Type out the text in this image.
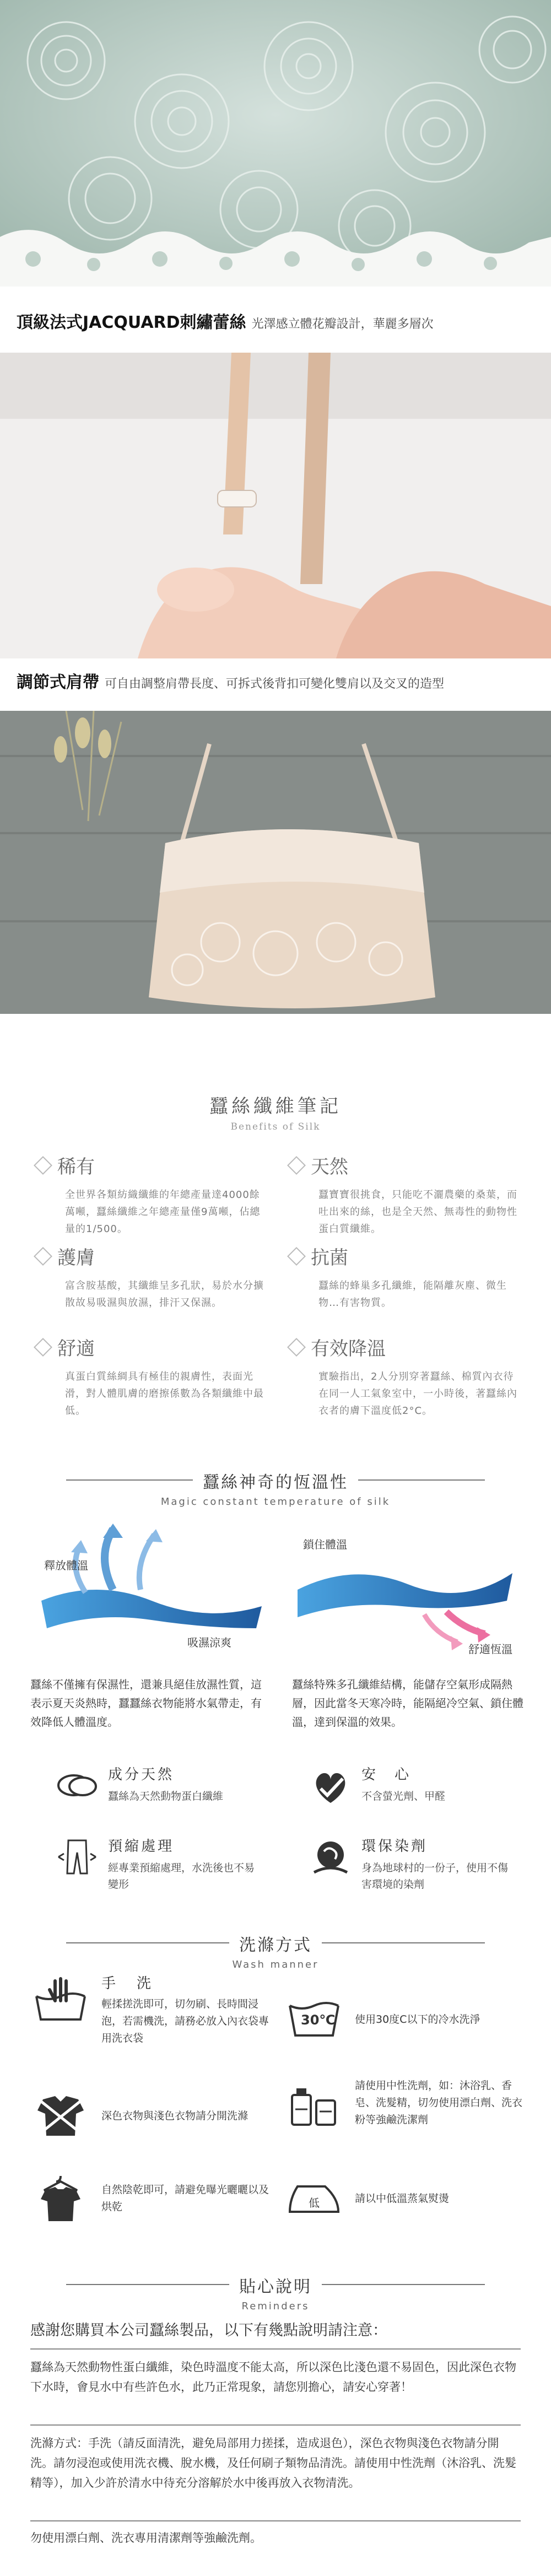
頂級法式JACQUARD刺繡蕾絲 光澤感立體花瓣設計，華麗多層次
調節式肩帶 可自由調整肩帶長度、可拆式後背扣可變化雙肩以及交叉的造型
蠶絲纖維筆記
Benefits of Silk
稀有
全世界各類紡織纖維的年總產量達4000餘萬噸，蠶絲纖維之年總產量僅9萬噸，佔總量的1/500。
天然
蠶寶寶很挑食，只能吃不灑農藥的桑葉，而吐出來的絲，也是全天然、無毒性的動物性蛋白質纖維。
護膚
富含胺基酸，其纖維呈多孔狀，易於水分擴散故易吸濕與放濕，排汗又保濕。
抗菌
蠶絲的蜂巢多孔纖維，能隔離灰塵、微生物…有害物質。
舒適
真蛋白質絲綢具有極佳的親膚性，表面光滑，對人體肌膚的磨擦係數為各類纖維中最低。
有效降溫
實驗指出，2人分別穿著蠶絲、棉質內衣待在同一人工氣象室中，一小時後，著蠶絲內衣者的膚下溫度低2°C。
蠶絲神奇的恆溫性
Magic constant temperature of silk
釋放體溫
吸濕涼爽
鎖住體溫
舒適恆溫
蠶絲不僅擁有保濕性，還兼具絕佳放濕性質，這表示夏天炎熱時，蠶蠶絲衣物能將水氣帶走，有效降低人體溫度。
蠶絲特殊多孔纖維結構，能儲存空氣形成隔熱層，因此當冬天寒冷時，能隔絕冷空氣、鎖住體溫，達到保溫的效果。
成分天然
蠶絲為天然動物蛋白纖維
安　心
不含螢光劑、甲醛
預縮處理
經專業預縮處理，水洗後也不易變形
環保染劑
身為地球村的一份子，使用不傷害環境的染劑
洗滌方式
Wash manner
手　洗
輕揉搓洗即可，切勿刷、長時間浸泡，若需機洗，請務必放入內衣袋專用洗衣袋
30℃ 使用30度C以下的冷水洗淨
深色衣物與淺色衣物請分開洗滌
請使用中性洗劑，如：沐浴乳、香皂、洗髮精，切勿使用漂白劑、洗衣粉等強鹼洗潔劑
自然陰乾即可，請避免曝光曬曬以及烘乾	低	請以中低溫蒸氣熨燙
貼心說明
Reminders
感謝您購買本公司蠶絲製品，以下有幾點說明請注意：
蠶絲為天然動物性蛋白纖維，染色時溫度不能太高，所以深色比淺色還不易固色，因此深色衣物下水時，會見水中有些許色水，此乃正常現象，請您別擔心，請安心穿著！
洗滌方式：手洗（請反面清洗，避免局部用力搓揉，造成退色），深色衣物與淺色衣物請分開洗。請勿浸泡或使用洗衣機、脫水機，及任何刷子類物品清洗。請使用中性洗劑（沐浴乳、洗髮精等），加入少許於清水中待充分溶解於水中後再放入衣物清洗。
勿使用漂白劑、洗衣專用清潔劑等強鹼洗劑。
